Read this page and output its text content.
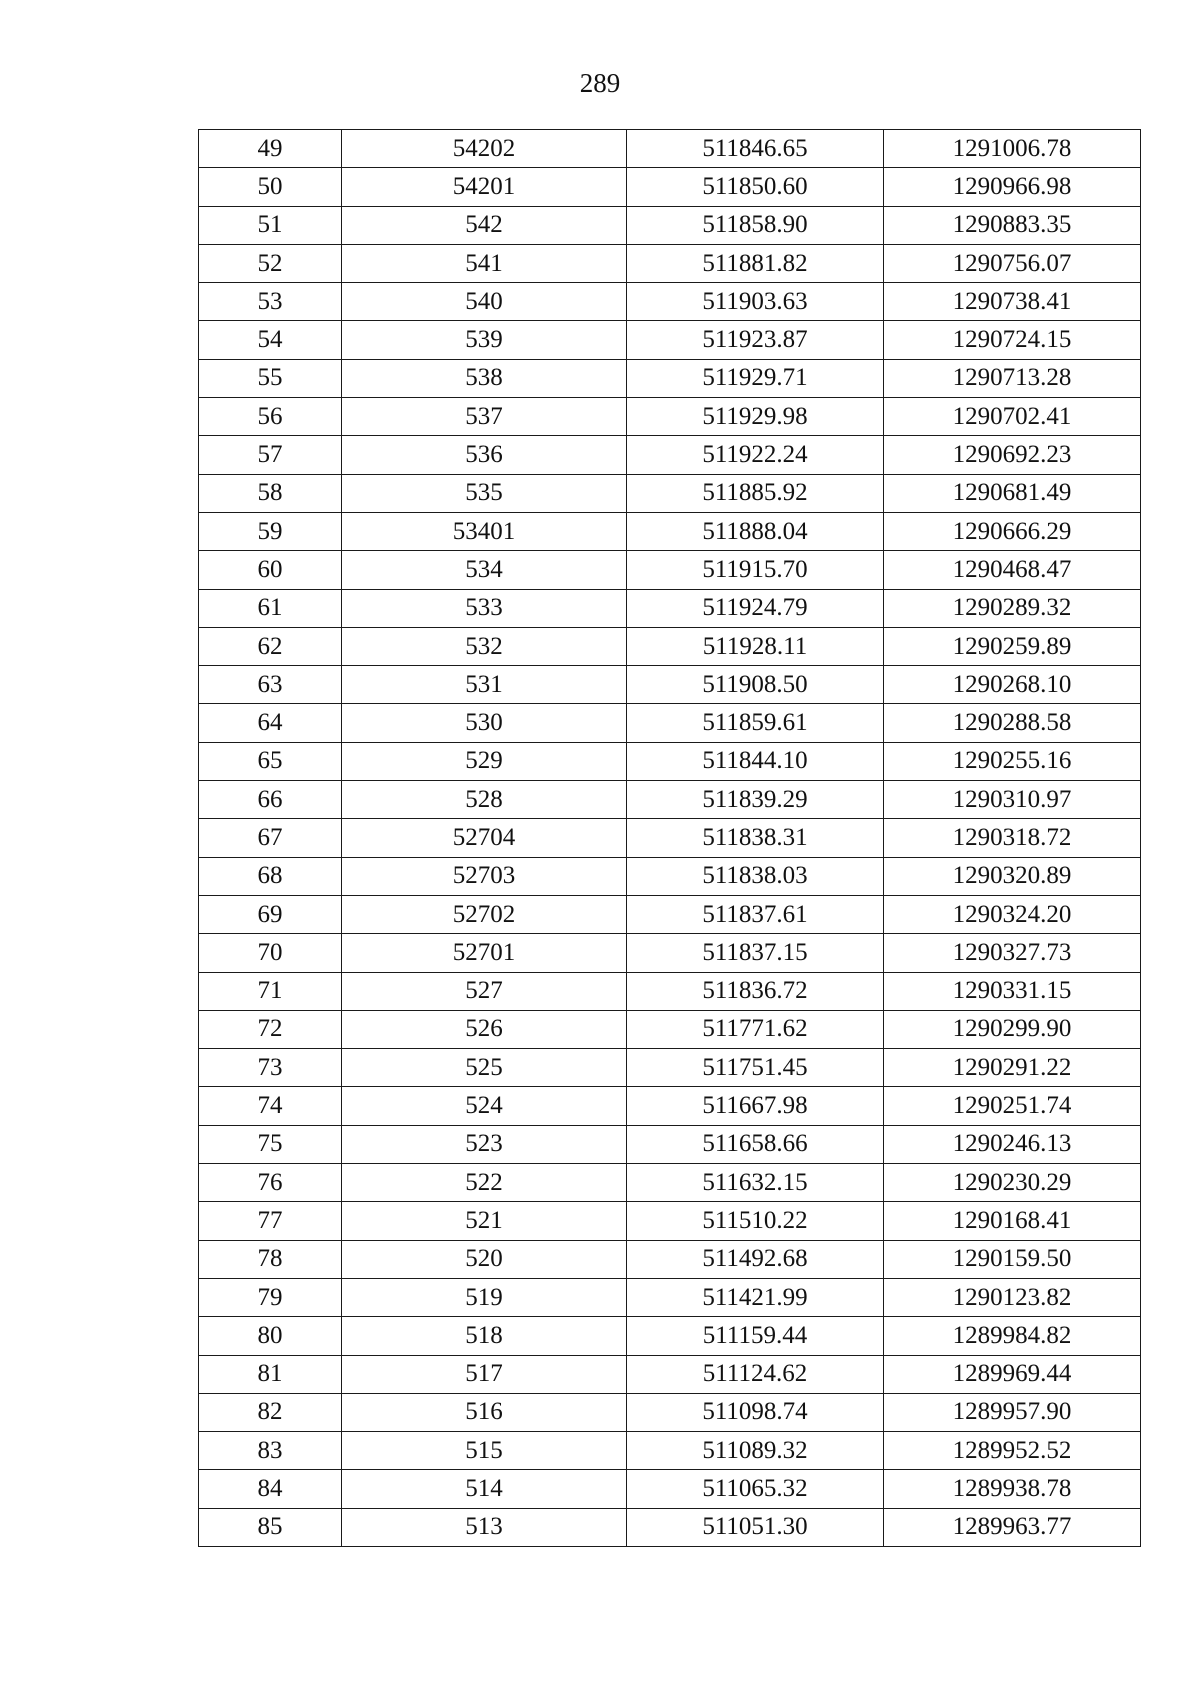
289
49	54202	511846.65	1291006.78
50	54201	511850.60	1290966.98
51	542	511858.90	1290883.35
52	541	511881.82	1290756.07
53	540	511903.63	1290738.41
54	539	511923.87	1290724.15
55	538	511929.71	1290713.28
56	537	511929.98	1290702.41
57	536	511922.24	1290692.23
58	535	511885.92	1290681.49
59	53401	511888.04	1290666.29
60	534	511915.70	1290468.47
61	533	511924.79	1290289.32
62	532	511928.11	1290259.89
63	531	511908.50	1290268.10
64	530	511859.61	1290288.58
65	529	511844.10	1290255.16
66	528	511839.29	1290310.97
67	52704	511838.31	1290318.72
68	52703	511838.03	1290320.89
69	52702	511837.61	1290324.20
70	52701	511837.15	1290327.73
71	527	511836.72	1290331.15
72	526	511771.62	1290299.90
73	525	511751.45	1290291.22
74	524	511667.98	1290251.74
75	523	511658.66	1290246.13
76	522	511632.15	1290230.29
77	521	511510.22	1290168.41
78	520	511492.68	1290159.50
79	519	511421.99	1290123.82
80	518	511159.44	1289984.82
81	517	511124.62	1289969.44
82	516	511098.74	1289957.90
83	515	511089.32	1289952.52
84	514	511065.32	1289938.78
85	513	511051.30	1289963.77
